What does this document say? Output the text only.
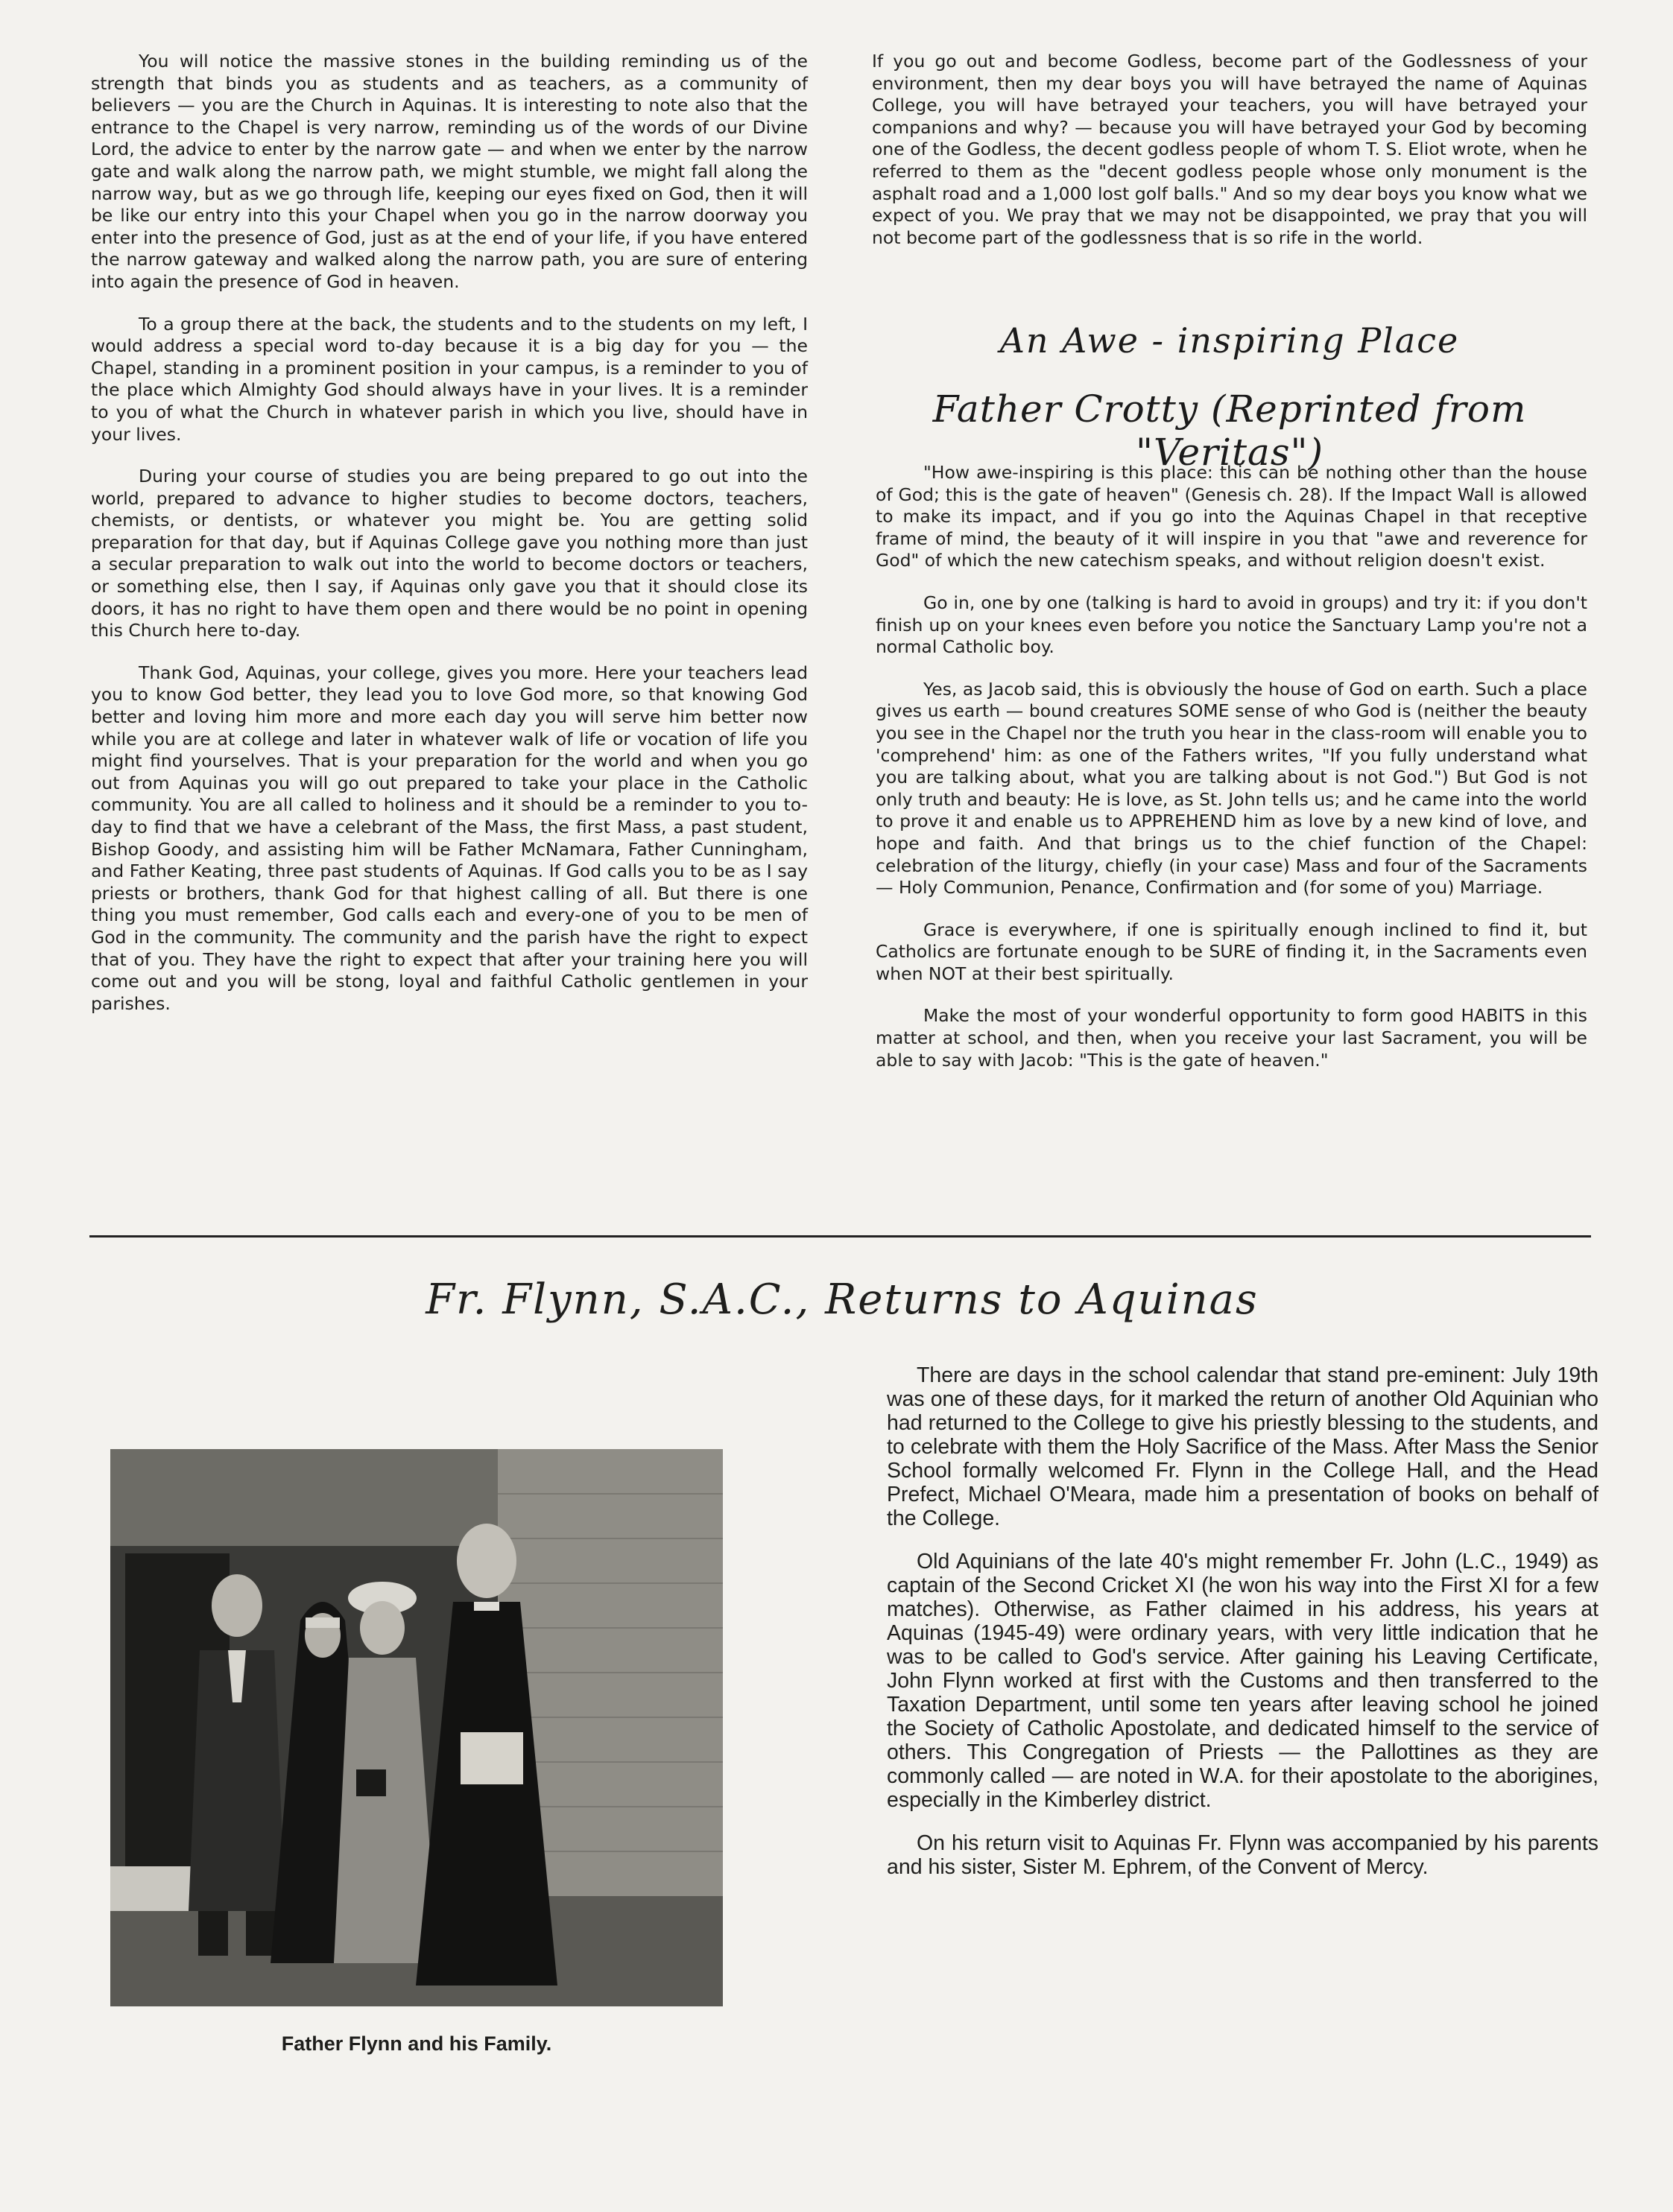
You will notice the massive stones in the building reminding us of the strength that binds you as students and as teachers, as a community of believers — you are the Church in Aquinas. It is interesting to note also that the entrance to the Chapel is very narrow, reminding us of the words of our Divine Lord, the advice to enter by the narrow gate — and when we enter by the narrow gate and walk along the narrow path, we might stumble, we might fall along the narrow way, but as we go through life, keeping our eyes fixed on God, then it will be like our entry into this your Chapel when you go in the narrow doorway you enter into the presence of God, just as at the end of your life, if you have entered the narrow gateway and walked along the narrow path, you are sure of entering into again the presence of God in heaven.

To a group there at the back, the students and to the students on my left, I would address a special word to-day because it is a big day for you — the Chapel, standing in a prominent position in your campus, is a reminder to you of the place which Almighty God should always have in your lives. It is a reminder to you of what the Church in whatever parish in which you live, should have in your lives.

During your course of studies you are being prepared to go out into the world, prepared to advance to higher studies to become doctors, teachers, chemists, or dentists, or whatever you might be. You are getting solid preparation for that day, but if Aquinas College gave you nothing more than just a secular preparation to walk out into the world to become doctors or teachers, or something else, then I say, if Aquinas only gave you that it should close its doors, it has no right to have them open and there would be no point in opening this Church here to-day.

Thank God, Aquinas, your college, gives you more. Here your teachers lead you to know God better, they lead you to love God more, so that knowing God better and loving him more and more each day you will serve him better now while you are at college and later in whatever walk of life or vocation of life you might find yourselves. That is your preparation for the world and when you go out from Aquinas you will go out prepared to take your place in the Catholic community. You are all called to holiness and it should be a reminder to you to-day to find that we have a celebrant of the Mass, the first Mass, a past student, Bishop Goody, and assisting him will be Father McNamara, Father Cunningham, and Father Keating, three past students of Aquinas. If God calls you to be as I say priests or brothers, thank God for that highest calling of all. But there is one thing you must remember, God calls each and every-one of you to be men of God in the community. The community and the parish have the right to expect that of you. They have the right to expect that after your training here you will come out and you will be stong, loyal and faithful Catholic gentlemen in your parishes.

If you go out and become Godless, become part of the Godlessness of your environment, then my dear boys you will have betrayed the name of Aquinas College, you will have betrayed your teachers, you will have betrayed your companions and why? — because you will have betrayed your God by becoming one of the Godless, the decent godless people of whom T. S. Eliot wrote, when he referred to them as the "decent godless people whose only monument is the asphalt road and a 1,000 lost golf balls." And so my dear boys you know what we expect of you. We pray that we may not be disappointed, we pray that you will not become part of the godlessness that is so rife in the world.

An Awe - inspiring Place
Father Crotty (Reprinted from "Veritas")

"How awe-inspiring is this place: this can be nothing other than the house of God; this is the gate of heaven" (Genesis ch. 28). If the Impact Wall is allowed to make its impact, and if you go into the Aquinas Chapel in that receptive frame of mind, the beauty of it will inspire in you that "awe and reverence for God" of which the new catechism speaks, and without religion doesn't exist.

Go in, one by one (talking is hard to avoid in groups) and try it: if you don't finish up on your knees even before you notice the Sanctuary Lamp you're not a normal Catholic boy.

Yes, as Jacob said, this is obviously the house of God on earth. Such a place gives us earth — bound creatures SOME sense of who God is (neither the beauty you see in the Chapel nor the truth you hear in the class-room will enable you to 'comprehend' him: as one of the Fathers writes, "If you fully understand what you are talking about, what you are talking about is not God.") But God is not only truth and beauty: He is love, as St. John tells us; and he came into the world to prove it and enable us to APPREHEND him as love by a new kind of love, and hope and faith. And that brings us to the chief function of the Chapel: celebration of the liturgy, chiefly (in your case) Mass and four of the Sacraments — Holy Communion, Penance, Confirmation and (for some of you) Marriage.

Grace is everywhere, if one is spiritually enough inclined to find it, but Catholics are fortunate enough to be SURE of finding it, in the Sacraments even when NOT at their best spiritually.

Make the most of your wonderful opportunity to form good HABITS in this matter at school, and then, when you receive your last Sacrament, you will be able to say with Jacob: "This is the gate of heaven."

Fr. Flynn, S.A.C., Returns to Aquinas
Father Flynn and his Family.

There are days in the school calendar that stand pre-eminent: July 19th was one of these days, for it marked the return of another Old Aquinian who had returned to the College to give his priestly blessing to the students, and to celebrate with them the Holy Sacrifice of the Mass. After Mass the Senior School formally welcomed Fr. Flynn in the College Hall, and the Head Prefect, Michael O'Meara, made him a presentation of books on behalf of the College.

Old Aquinians of the late 40's might remember Fr. John (L.C., 1949) as captain of the Second Cricket XI (he won his way into the First XI for a few matches). Otherwise, as Father claimed in his address, his years at Aquinas (1945-49) were ordinary years, with very little indication that he was to be called to God's service. After gaining his Leaving Certificate, John Flynn worked at first with the Customs and then transferred to the Taxation Department, until some ten years after leaving school he joined the Society of Catholic Apostolate, and dedicated himself to the service of others. This Congregation of Priests — the Pallottines as they are commonly called — are noted in W.A. for their apostolate to the aborigines, especially in the Kimberley district.

On his return visit to Aquinas Fr. Flynn was accompanied by his parents and his sister, Sister M. Ephrem, of the Convent of Mercy.
